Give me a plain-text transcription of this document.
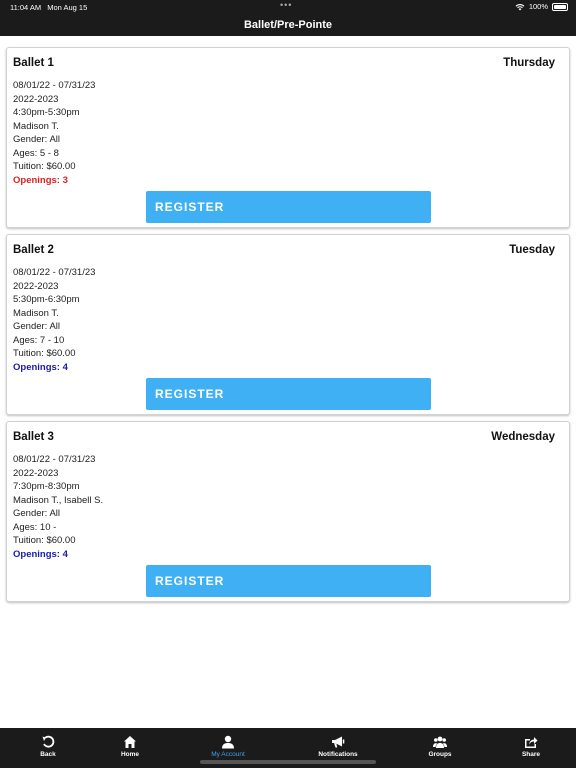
11:04 AM Mon Aug 15	•••	100%
Ballet/Pre-Pointe
Ballet 1	Thursday
08/01/22 - 07/31/23
2022-2023
4:30pm-5:30pm
Madison T.
Gender: All
Ages: 5 - 8
Tuition: $60.00
Openings: 3
REGISTER
Ballet 2	Tuesday
08/01/22 - 07/31/23
2022-2023
5:30pm-6:30pm
Madison T.
Gender: All
Ages: 7 - 10
Tuition: $60.00
Openings: 4
REGISTER
Ballet 3	Wednesday
08/01/22 - 07/31/23
2022-2023
7:30pm-8:30pm
Madison T., Isabell S.
Gender: All
Ages: 10 -
Tuition: $60.00
Openings: 4
REGISTER
Back	Home	My Account	Notifications	Groups	Share
